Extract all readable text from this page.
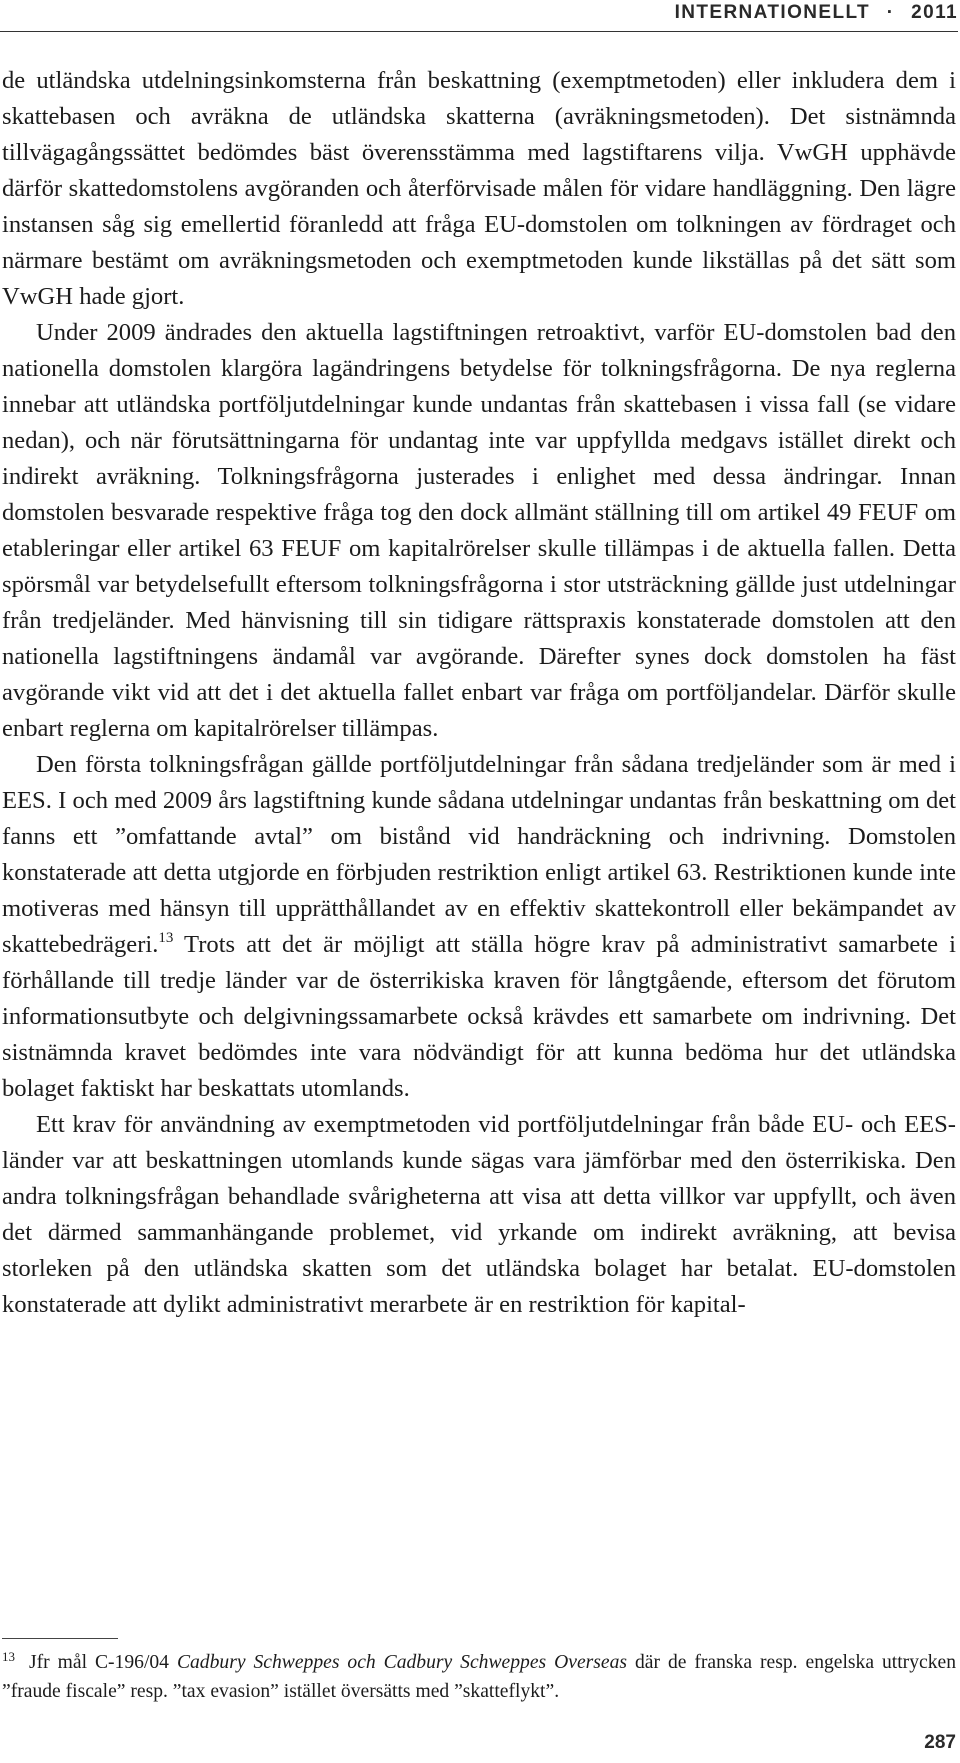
INTERNATIONELLT · 2011

de utländska utdelningsinkomsterna från beskattning (exemptmetoden) eller inkludera dem i skattebasen och avräkna de utländska skatterna (avräkningsmetoden). Det sistnämnda tillvägagångssättet bedömdes bäst överensstämma med lagstiftarens vilja. VwGH upphävde därför skattedomstolens avgöranden och återförvisade målen för vidare handläggning. Den lägre instansen såg sig emellertid föranledd att fråga EU-domstolen om tolkningen av fördraget och närmare bestämt om avräkningsmetoden och exemptmetoden kunde likställas på det sätt som VwGH hade gjort.

Under 2009 ändrades den aktuella lagstiftningen retroaktivt, varför EU-domstolen bad den nationella domstolen klargöra lagändringens betydelse för tolkningsfrågorna. De nya reglerna innebar att utländska portföljutdelningar kunde undantas från skattebasen i vissa fall (se vidare nedan), och när förutsättningarna för undantag inte var uppfyllda medgavs istället direkt och indirekt avräkning. Tolkningsfrågorna justerades i enlighet med dessa ändringar. Innan domstolen besvarade respektive fråga tog den dock allmänt ställning till om artikel 49 FEUF om etableringar eller artikel 63 FEUF om kapitalrörelser skulle tillämpas i de aktuella fallen. Detta spörsmål var betydelsefullt eftersom tolkningsfrågorna i stor utsträckning gällde just utdelningar från tredjeländer. Med hänvisning till sin tidigare rättspraxis konstaterade domstolen att den nationella lagstiftningens ändamål var avgörande. Därefter synes dock domstolen ha fäst avgörande vikt vid att det i det aktuella fallet enbart var fråga om portföljandelar. Därför skulle enbart reglerna om kapitalrörelser tillämpas.

Den första tolkningsfrågan gällde portföljutdelningar från sådana tredjeländer som är med i EES. I och med 2009 års lagstiftning kunde sådana utdelningar undantas från beskattning om det fanns ett ”omfattande avtal” om bistånd vid handräckning och indrivning. Domstolen konstaterade att detta utgjorde en förbjuden restriktion enligt artikel 63. Restriktionen kunde inte motiveras med hänsyn till upprätthållandet av en effektiv skattekontroll eller bekämpandet av skattebedrägeri.$^{13}$ Trots att det är möjligt att ställa högre krav på administrativt samarbete i förhållande till tredje länder var de österrikiska kraven för långtgående, eftersom det förutom informationsutbyte och delgivningssamarbete också krävdes ett samarbete om indrivning. Det sistnämnda kravet bedömdes inte vara nödvändigt för att kunna bedöma hur det utländska bolaget faktiskt har beskattats utomlands.

Ett krav för användning av exemptmetoden vid portföljutdelningar från både EU- och EES-länder var att beskattningen utomlands kunde sägas vara jämförbar med den österrikiska. Den andra tolkningsfrågan behandlade svårigheterna att visa att detta villkor var uppfyllt, och även det därmed sammanhängande problemet, vid yrkande om indirekt avräkning, att bevisa storleken på den utländska skatten som det utländska bolaget har betalat. EU-domstolen konstaterade att dylikt administrativt merarbete är en restriktion för kapital-

$^{13}$ Jfr mål C-196/04 Cadbury Schweppes och Cadbury Schweppes Overseas där de franska resp. engelska uttrycken ”fraude fiscale” resp. ”tax evasion” istället översätts med ”skatteflykt”.

287
